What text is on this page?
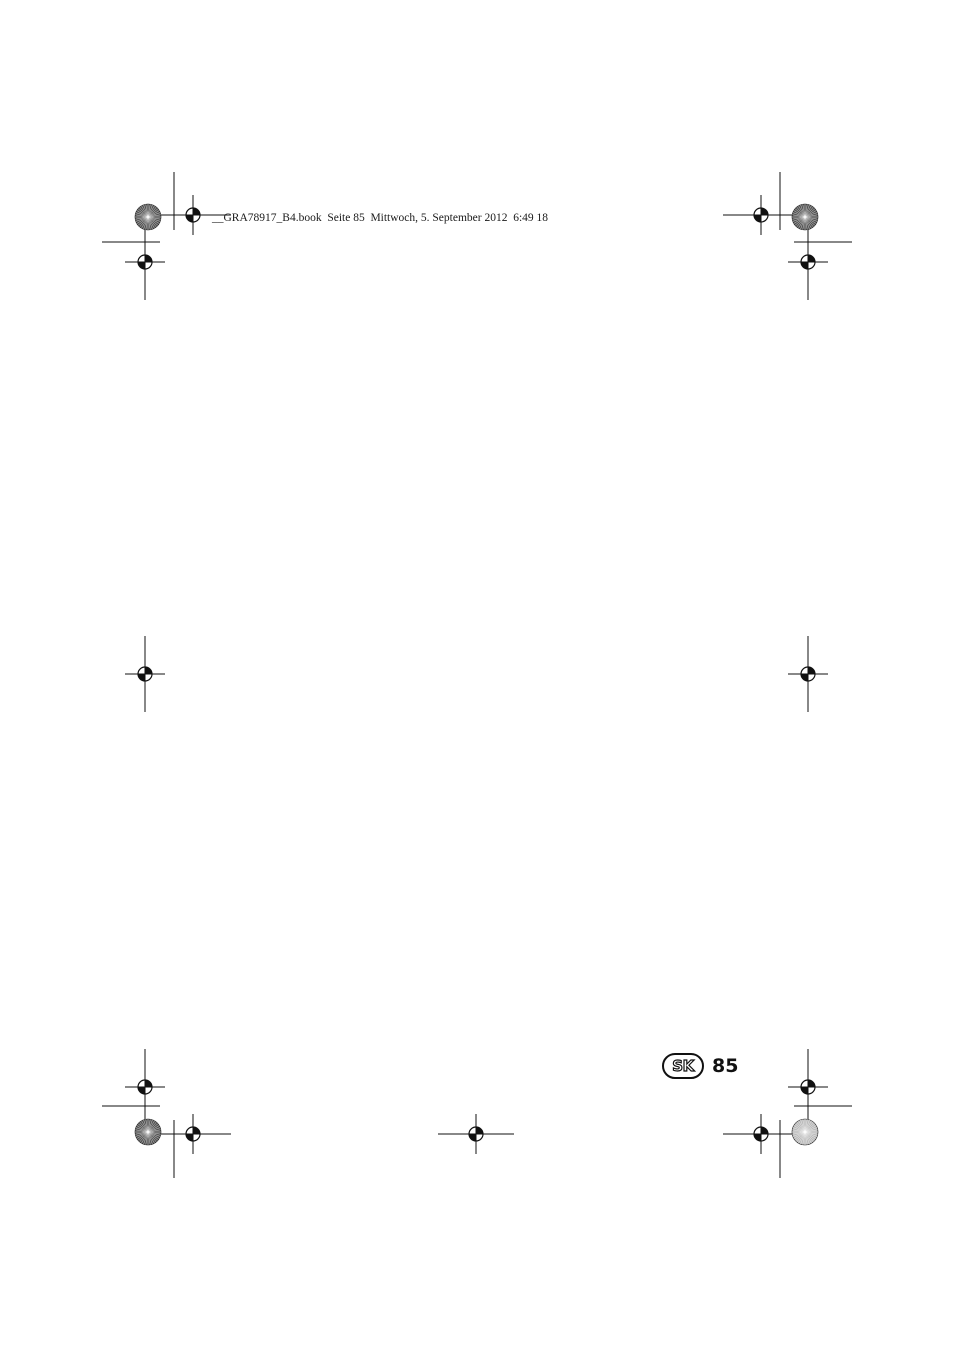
__GRA78917_B4.book  Seite 85  Mittwoch, 5. September 2012  6:49 18
SK 85
